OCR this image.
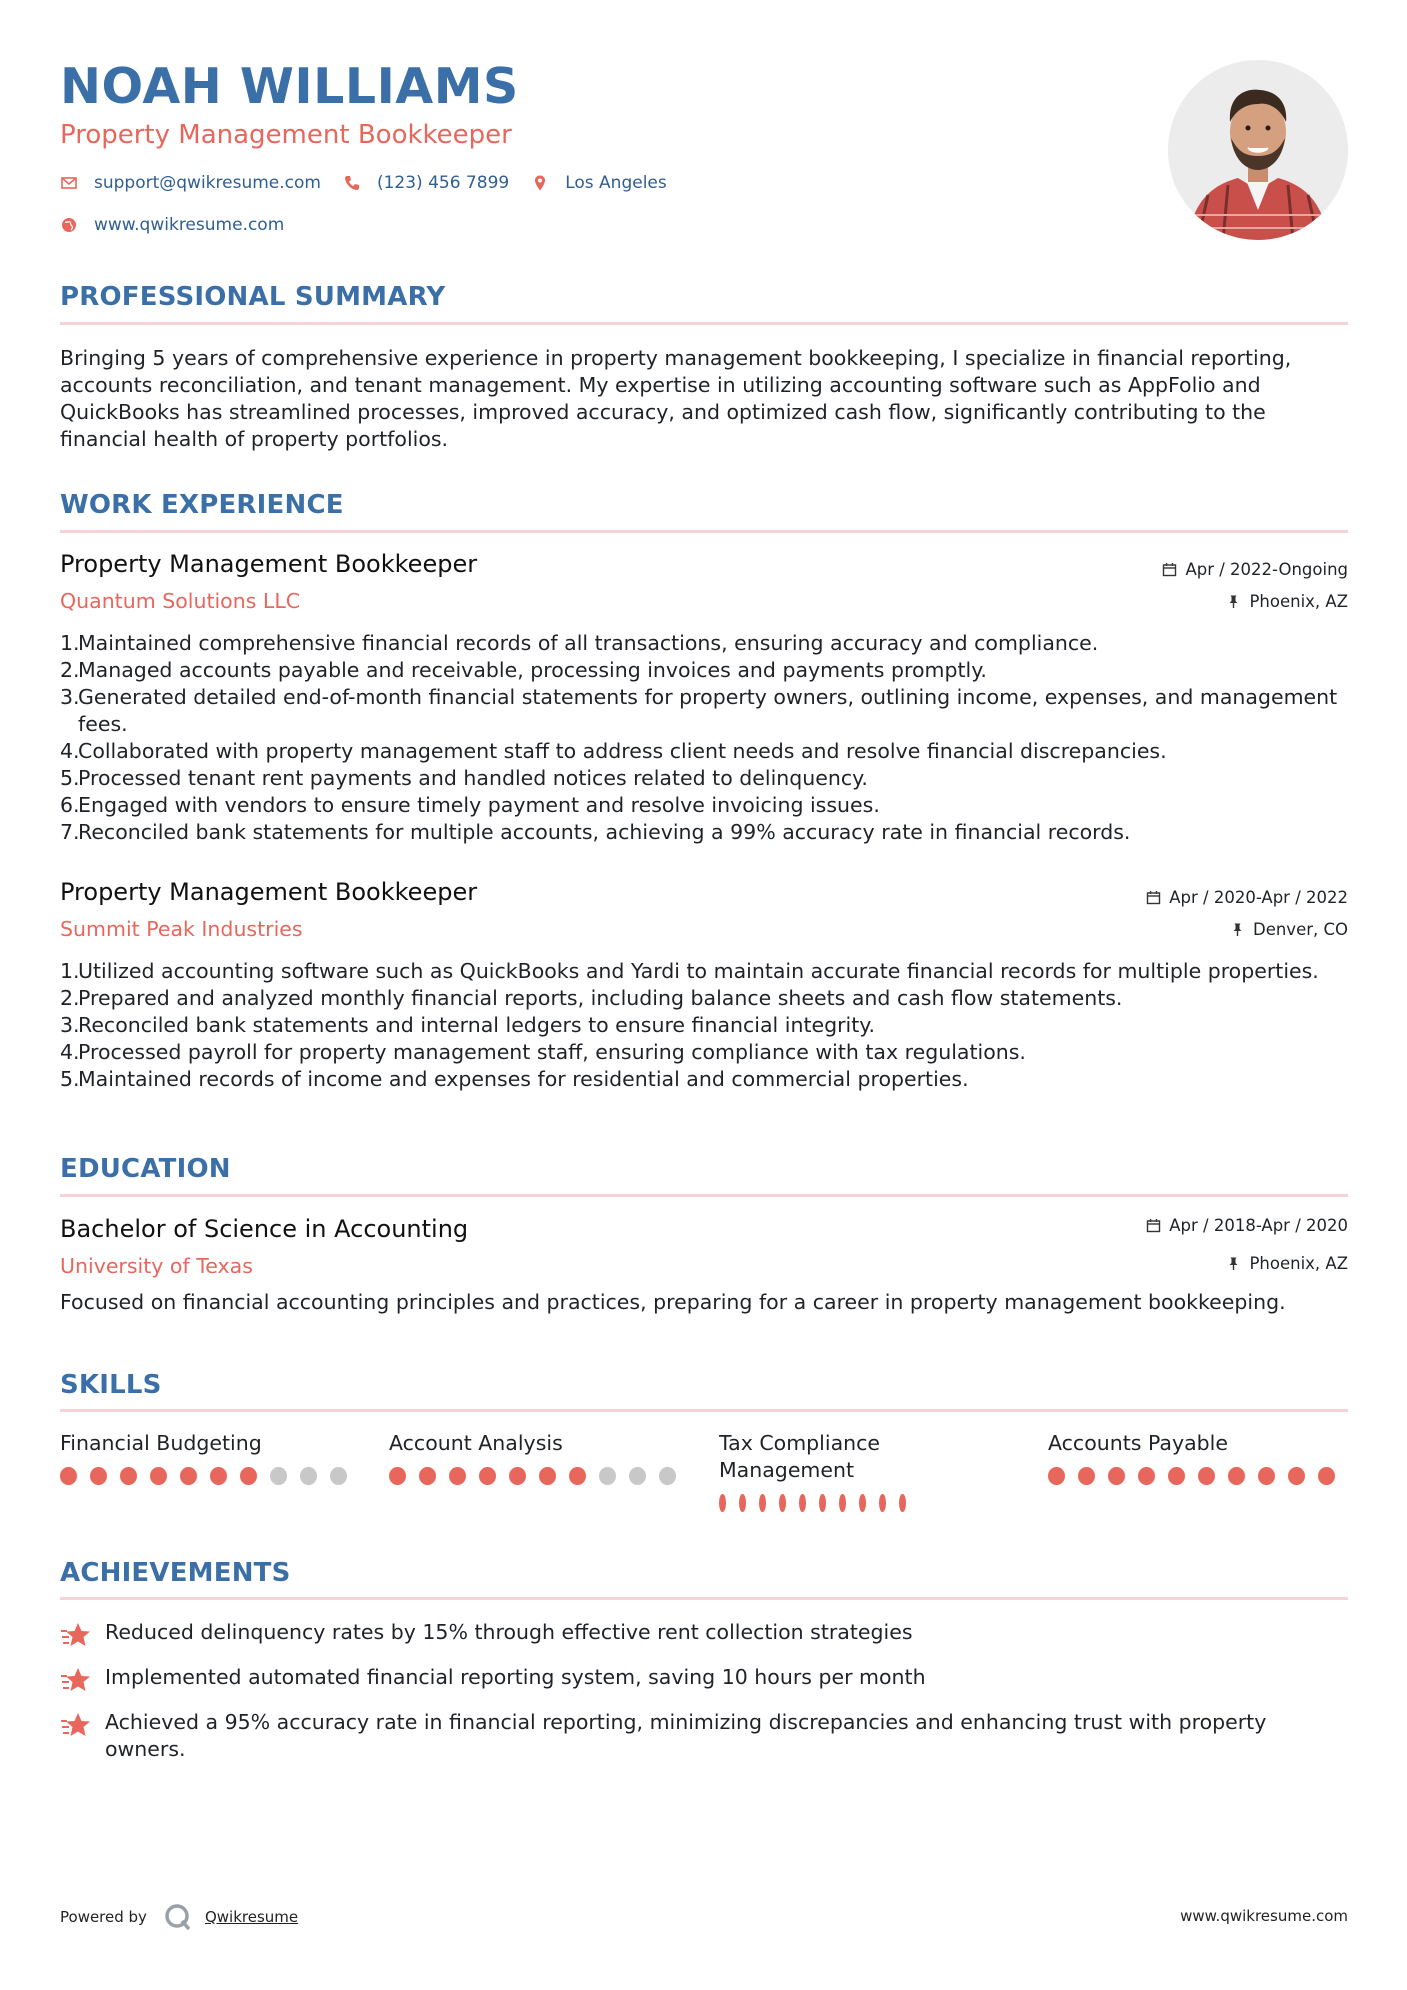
NOAH WILLIAMS
Property Management Bookkeeper
support@qwikresume.com	(123) 456 7899	Los Angeles
www.qwikresume.com
PROFESSIONAL SUMMARY
Bringing 5 years of comprehensive experience in property management bookkeeping, I specialize in financial reporting, accounts reconciliation, and tenant management. My expertise in utilizing accounting software such as AppFolio and QuickBooks has streamlined processes, improved accuracy, and optimized cash flow, significantly contributing to the financial health of property portfolios.
WORK EXPERIENCE
Property Management Bookkeeper
Quantum Solutions LLC
Apr / 2022-Ongoing
Phoenix, AZ
1.
Maintained comprehensive financial records of all transactions, ensuring accuracy and compliance.
2.
Managed accounts payable and receivable, processing invoices and payments promptly.
3.
Generated detailed end-of-month financial statements for property owners, outlining income, expenses, and management fees.
4.
Collaborated with property management staff to address client needs and resolve financial discrepancies.
5.
Processed tenant rent payments and handled notices related to delinquency.
6.
Engaged with vendors to ensure timely payment and resolve invoicing issues.
7.
Reconciled bank statements for multiple accounts, achieving a 99% accuracy rate in financial records.
Property Management Bookkeeper
Summit Peak Industries
Apr / 2020-Apr / 2022
Denver, CO
1.
Utilized accounting software such as QuickBooks and Yardi to maintain accurate financial records for multiple properties.
2.
Prepared and analyzed monthly financial reports, including balance sheets and cash flow statements.
3.
Reconciled bank statements and internal ledgers to ensure financial integrity.
4.
Processed payroll for property management staff, ensuring compliance with tax regulations.
5.
Maintained records of income and expenses for residential and commercial properties.
EDUCATION
Bachelor of Science in Accounting
University of Texas
Apr / 2018-Apr / 2020
Phoenix, AZ
Focused on financial accounting principles and practices, preparing for a career in property management bookkeeping.
SKILLS
Financial Budgeting	Account Analysis	Tax Compliance Management
Accounts Payable
ACHIEVEMENTS
Reduced delinquency rates by 15% through effective rent collection strategies
Implemented automated financial reporting system, saving 10 hours per month
Achieved a 95% accuracy rate in financial reporting, minimizing discrepancies and enhancing trust with property owners.
Powered by	Qwikresume	www.qwikresume.com
